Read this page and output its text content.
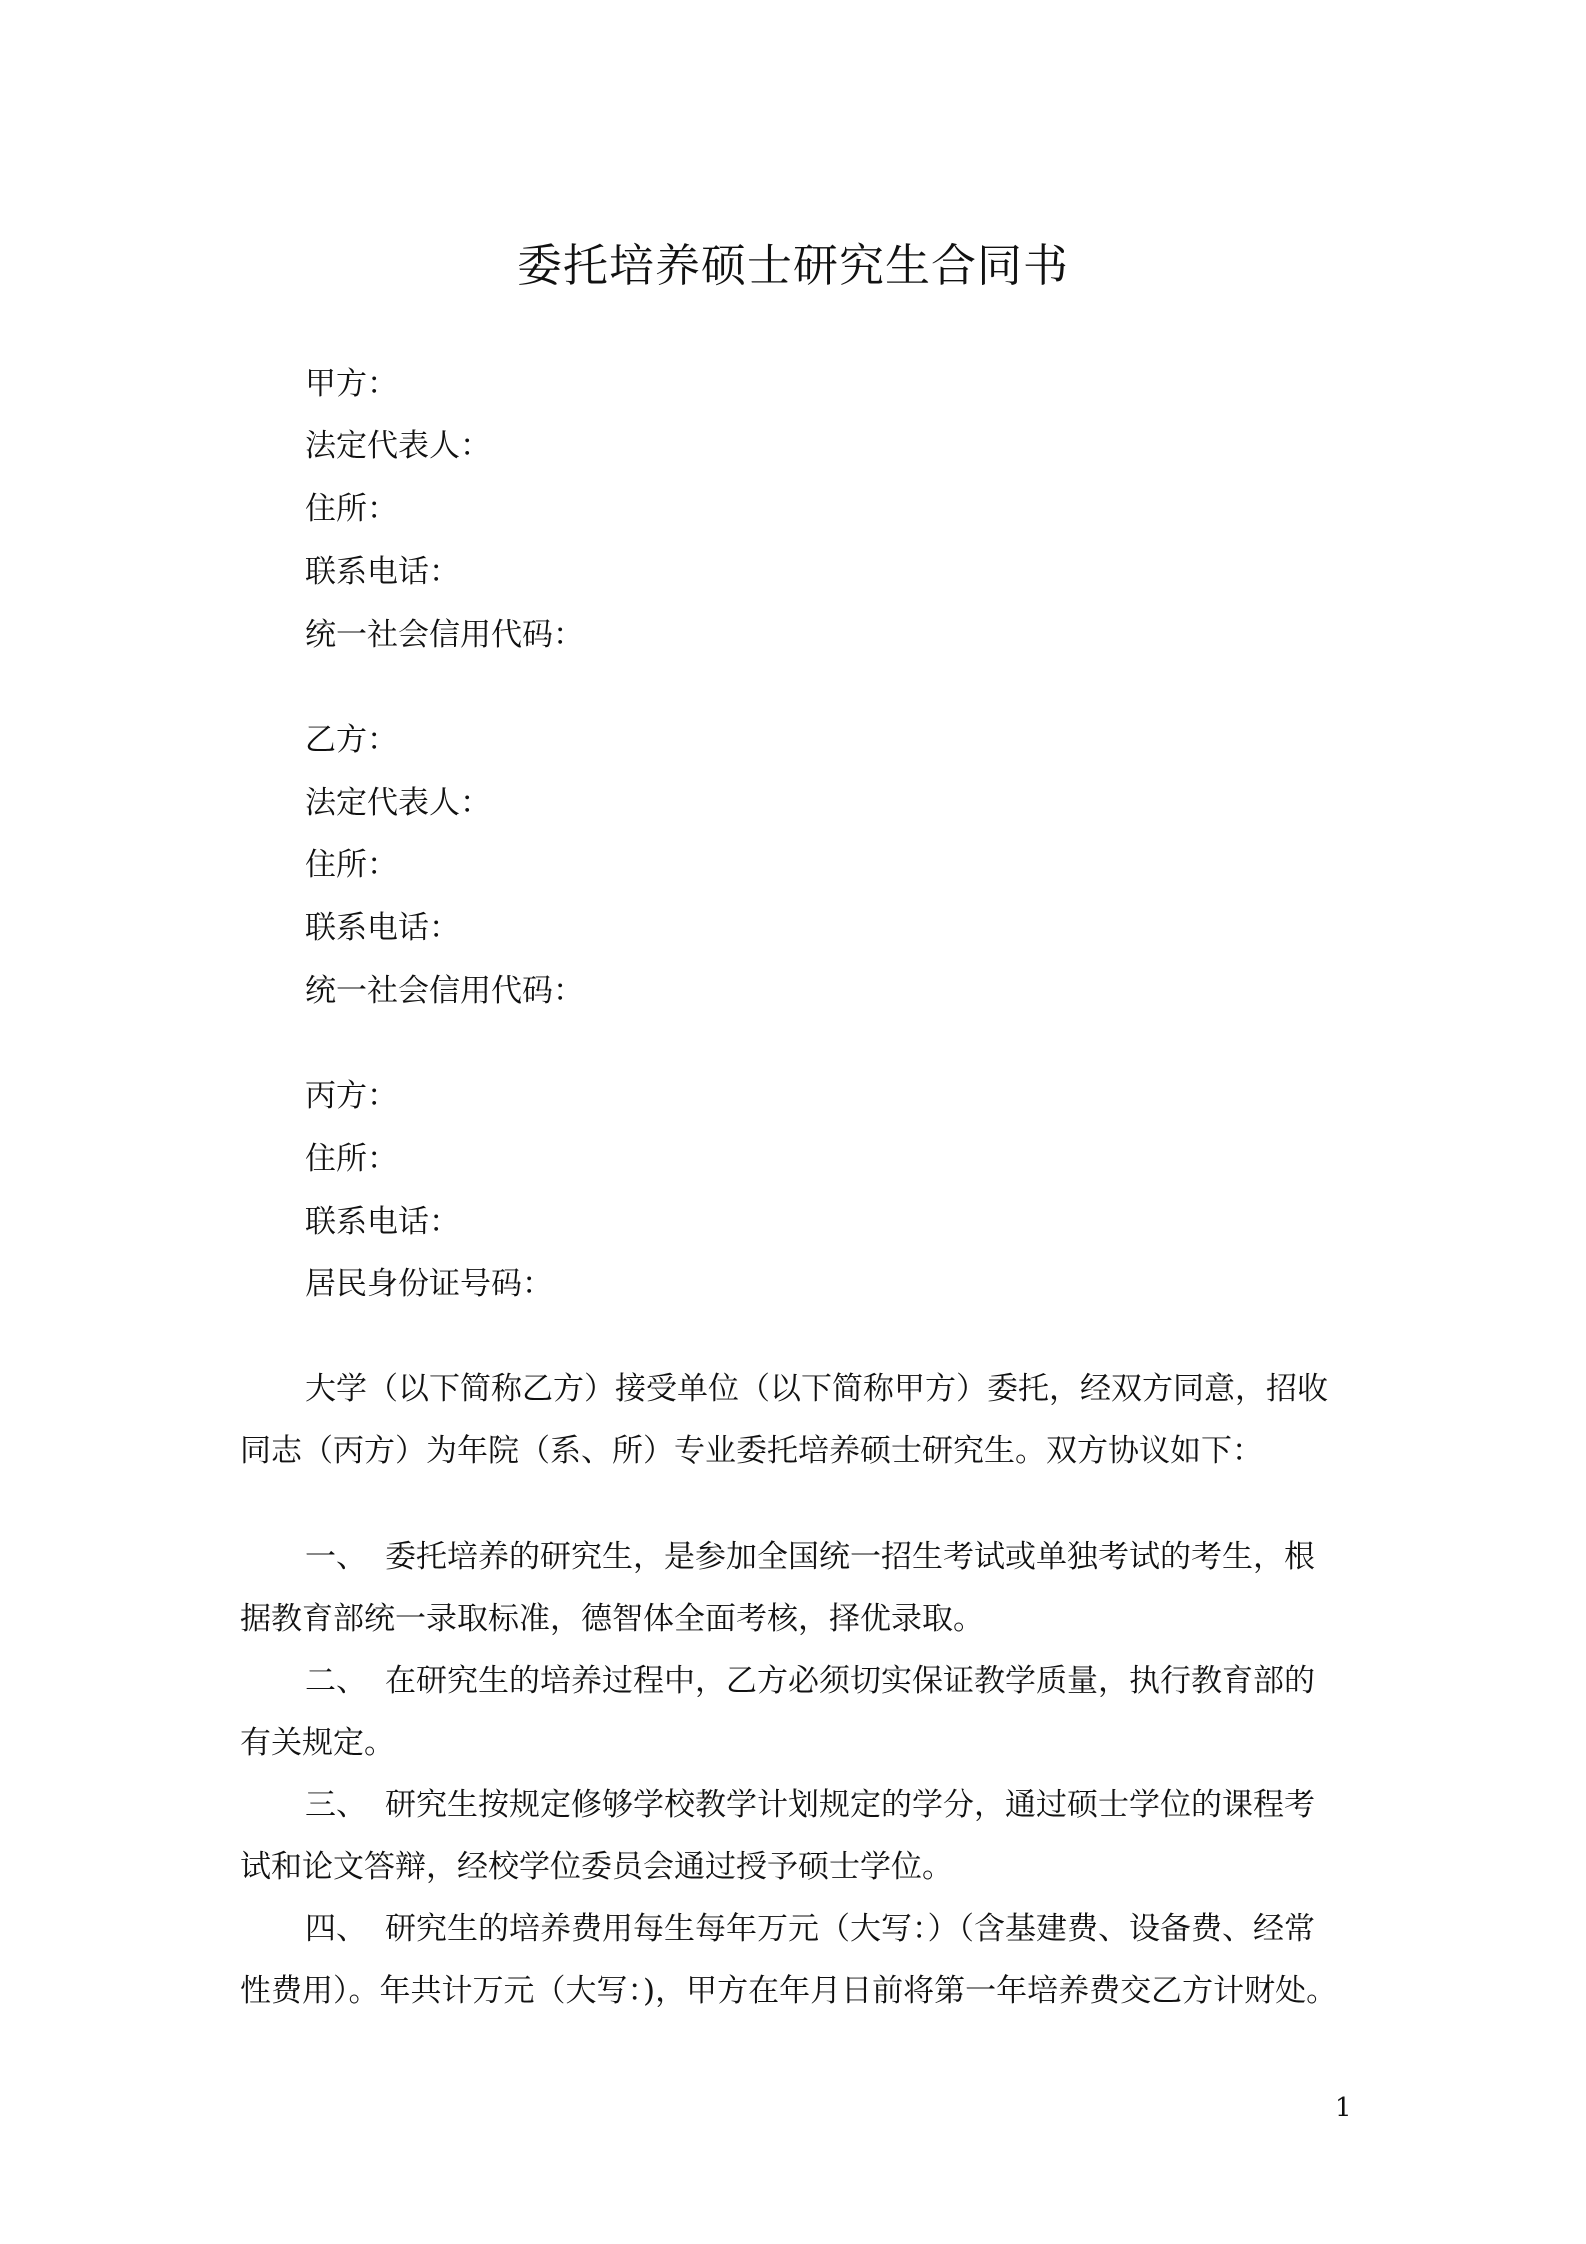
委托培养硕士研究生合同书
甲方：
法定代表人：
住所：
联系电话：
统一社会信用代码：
乙方：
法定代表人：
住所：
联系电话：
统一社会信用代码：
丙方：
住所：
联系电话：
居民身份证号码：
大学（以下简称乙方）接受单位（以下简称甲方）委托，经双方同意，招收
同志（丙方）为年院（系、所）专业委托培养硕士研究生。双方协议如下：
一、 委托培养的研究生，是参加全国统一招生考试或单独考试的考生，根
据教育部统一录取标准，德智体全面考核，择优录取。
二、 在研究生的培养过程中，乙方必须切实保证教学质量，执行教育部的
有关规定。
三、 研究生按规定修够学校教学计划规定的学分，通过硕士学位的课程考
试和论文答辩，经校学位委员会通过授予硕士学位。
四、 研究生的培养费用每生每年万元（大写：）（含基建费、设备费、经常
性费用）。年共计万元（大写：)，甲方在年月日前将第一年培养费交乙方计财处。
1
